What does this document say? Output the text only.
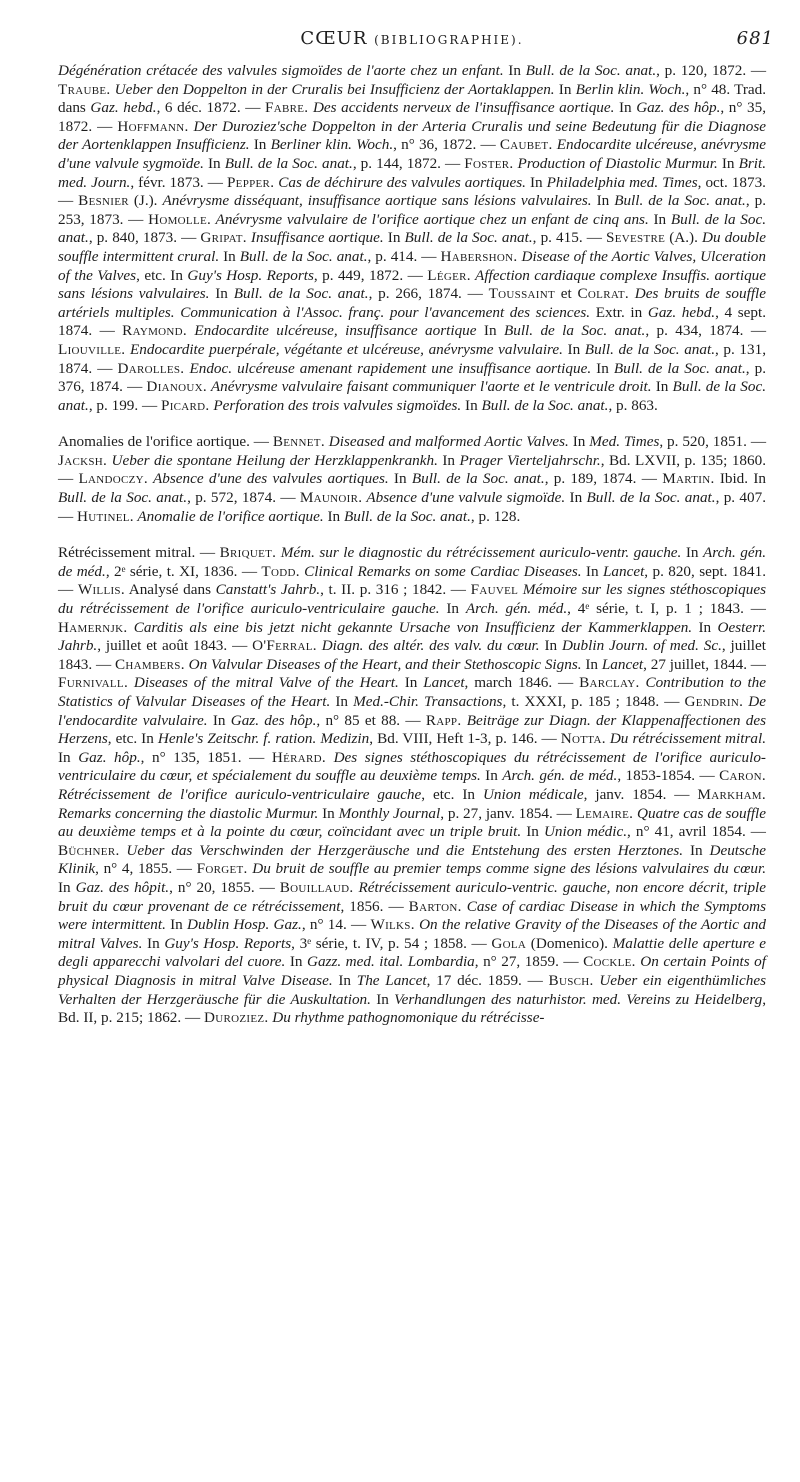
CŒUR (BIBLIOGRAPHIE).	681

Dégénération crétacée des valvules sigmoïdes de l'aorte chez un enfant. In Bull. de la Soc. anat., p. 120, 1872. — Traube. Ueber den Doppelton in der Cruralis bei Insufficienz der Aortaklappen. In Berlin klin. Woch., n° 48. Trad. dans Gaz. hebd., 6 déc. 1872. — Fabre. Des accidents nerveux de l'insuffisance aortique. In Gaz. des hôp., n° 35, 1872. — Hoffmann. Der Duroziez'sche Doppelton in der Arteria Cruralis und seine Bedeutung für die Diagnose der Aortenklappen Insufficienz. In Berliner klin. Woch., n° 36, 1872. — Caubet. Endocardite ulcéreuse, anévrysme d'une valvule sygmoïde. In Bull. de la Soc. anat., p. 144, 1872. — Foster. Production of Diastolic Murmur. In Brit. med. Journ., févr. 1873. — Pepper. Cas de déchirure des valvules aortiques. In Philadelphia med. Times, oct. 1873. — Besnier (J.). Anévrysme disséquant, insuffisance aortique sans lésions valvulaires. In Bull. de la Soc. anat., p. 253, 1873. — Homolle. Anévrysme valvulaire de l'orifice aortique chez un enfant de cinq ans. In Bull. de la Soc. anat., p. 840, 1873. — Gripat. Insuffisance aortique. In Bull. de la Soc. anat., p. 415. — Sevestre (A.). Du double souffle intermittent crural. In Bull. de la Soc. anat., p. 414. — Habershon. Disease of the Aortic Valves, Ulceration of the Valves, etc. In Guy's Hosp. Reports, p. 449, 1872. — Léger. Affection cardiaque complexe Insuffis. aortique sans lésions valvulaires. In Bull. de la Soc. anat., p. 266, 1874. — Toussaint et Colrat. Des bruits de souffle artériels multiples. Communication à l'Assoc. franç. pour l'avancement des sciences. Extr. in Gaz. hebd., 4 sept. 1874. — Raymond. Endocardite ulcéreuse, insuffisance aortique In Bull. de la Soc. anat., p. 434, 1874. — Liouville. Endocardite puerpérale, végétante et ulcéreuse, anévrysme valvulaire. In Bull. de la Soc. anat., p. 131, 1874. — Darolles. Endoc. ulcéreuse amenant rapidement une insuffisance aortique. In Bull. de la Soc. anat., p. 376, 1874. — Dianoux. Anévrysme valvulaire faisant communiquer l'aorte et le ventricule droit. In Bull. de la Soc. anat., p. 199. — Picard. Perforation des trois valvules sigmoïdes. In Bull. de la Soc. anat., p. 863.

Anomalies de l'orifice aortique. — Bennet. Diseased and malformed Aortic Valves. In Med. Times, p. 520, 1851. — Jacksh. Ueber die spontane Heilung der Herzklappenkrankh. In Prager Vierteljahrschr., Bd. LXVII, p. 135; 1860. — Landoczy. Absence d'une des valvules aortiques. In Bull. de la Soc. anat., p. 189, 1874. — Martin. Ibid. In Bull. de la Soc. anat., p. 572, 1874. — Maunoir. Absence d'une valvule sigmoïde. In Bull. de la Soc. anat., p. 407. — Hutinel. Anomalie de l'orifice aortique. In Bull. de la Soc. anat., p. 128.

Rétrécissement mitral. — Briquet. Mém. sur le diagnostic du rétrécissement auriculo-ventr. gauche. In Arch. gén. de méd., 2ᵉ série, t. XI, 1836. — Todd. Clinical Remarks on some Cardiac Diseases. In Lancet, p. 820, sept. 1841. — Willis. Analysé dans Canstatt's Jahrb., t. II. p. 316 ; 1842. — Fauvel Mémoire sur les signes stéthoscopiques du rétrécissement de l'orifice auriculo-ventriculaire gauche. In Arch. gén. méd., 4ᵉ série, t. I, p. 1 ; 1843. — Hamernjk. Carditis als eine bis jetzt nicht gekannte Ursache von Insufficienz der Kammerklappen. In Oesterr. Jahrb., juillet et août 1843. — O'Ferral. Diagn. des altér. des valv. du cœur. In Dublin Journ. of med. Sc., juillet 1843. — Chambers. On Valvular Diseases of the Heart, and their Stethoscopic Signs. In Lancet, 27 juillet, 1844. — Furnivall. Diseases of the mitral Valve of the Heart. In Lancet, march 1846. — Barclay. Contribution to the Statistics of Valvular Diseases of the Heart. In Med.-Chir. Transactions, t. XXXI, p. 185 ; 1848. — Gendrin. De l'endocardite valvulaire. In Gaz. des hôp., n° 85 et 88. — Rapp. Beiträge zur Diagn. der Klappenaffectionen des Herzens, etc. In Henle's Zeitschr. f. ration. Medizin, Bd. VIII, Heft 1-3, p. 146. — Notta. Du rétrécissement mitral. In Gaz. hôp., n° 135, 1851. — Hérard. Des signes stéthoscopiques du rétrécissement de l'orifice auriculo-ventriculaire du cœur, et spécialement du souffle au deuxième temps. In Arch. gén. de méd., 1853-1854. — Caron. Rétrécissement de l'orifice auriculo-ventriculaire gauche, etc. In Union médicale, janv. 1854. — Markham. Remarks concerning the diastolic Murmur. In Monthly Journal, p. 27, janv. 1854. — Lemaire. Quatre cas de souffle au deuxième temps et à la pointe du cœur, coïncidant avec un triple bruit. In Union médic., n° 41, avril 1854. — Büchner. Ueber das Verschwinden der Herzgeräusche und die Entstehung des ersten Herztones. In Deutsche Klinik, n° 4, 1855. — Forget. Du bruit de souffle au premier temps comme signe des lésions valvulaires du cœur. In Gaz. des hôpit., n° 20, 1855. — Bouillaud. Rétrécissement auriculo-ventric. gauche, non encore décrit, triple bruit du cœur provenant de ce rétrécissement, 1856. — Barton. Case of cardiac Disease in which the Symptoms were intermittent. In Dublin Hosp. Gaz., n° 14. — Wilks. On the relative Gravity of the Diseases of the Aortic and mitral Valves. In Guy's Hosp. Reports, 3ᵉ série, t. IV, p. 54 ; 1858. — Gola (Domenico). Malattie delle aperture e degli apparecchi valvolari del cuore. In Gazz. med. ital. Lombardia, n° 27, 1859. — Cockle. On certain Points of physical Diagnosis in mitral Valve Disease. In The Lancet, 17 déc. 1859. — Busch. Ueber ein eigenthümliches Verhalten der Herzgeräusche für die Auskultation. In Verhandlungen des naturhistor. med. Vereins zu Heidelberg, Bd. II, p. 215; 1862. — Duroziez. Du rhythme pathognomonique du rétrécisse-
